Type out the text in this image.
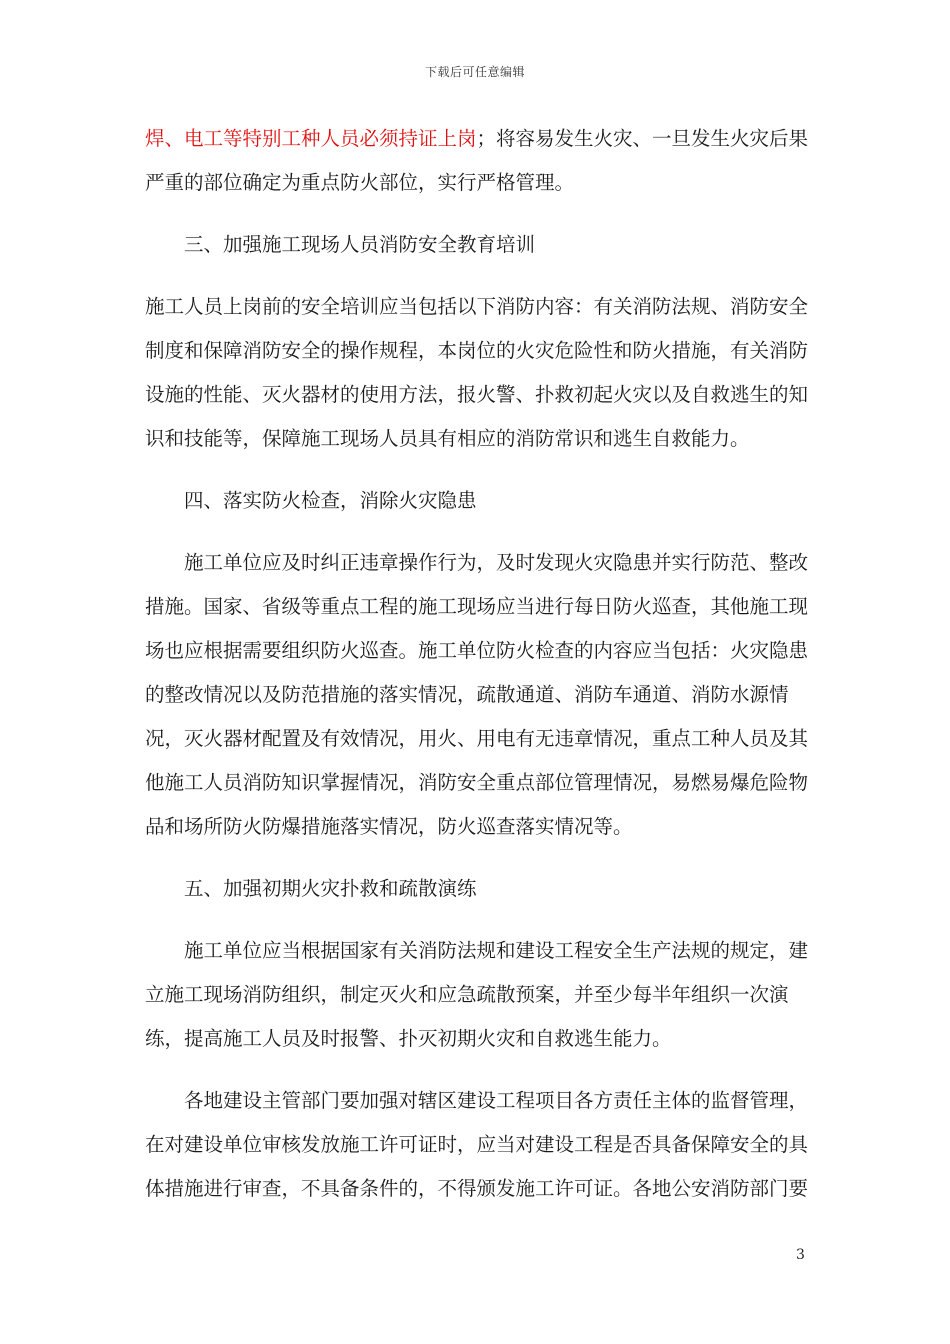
下载后可任意编辑

焊、电工等特别工种人员必须持证上岗；将容易发生火灾、一旦发生火灾后果严重的部位确定为重点防火部位，实行严格管理。

三、加强施工现场人员消防安全教育培训

施工人员上岗前的安全培训应当包括以下消防内容：有关消防法规、消防安全制度和保障消防安全的操作规程，本岗位的火灾危险性和防火措施，有关消防设施的性能、灭火器材的使用方法，报火警、扑救初起火灾以及自救逃生的知识和技能等，保障施工现场人员具有相应的消防常识和逃生自救能力。

四、落实防火检查，消除火灾隐患

施工单位应及时纠正违章操作行为，及时发现火灾隐患并实行防范、整改措施。国家、省级等重点工程的施工现场应当进行每日防火巡查，其他施工现场也应根据需要组织防火巡查。施工单位防火检查的内容应当包括：火灾隐患的整改情况以及防范措施的落实情况，疏散通道、消防车通道、消防水源情况，灭火器材配置及有效情况，用火、用电有无违章情况，重点工种人员及其他施工人员消防知识掌握情况，消防安全重点部位管理情况，易燃易爆危险物品和场所防火防爆措施落实情况，防火巡查落实情况等。

五、加强初期火灾扑救和疏散演练

施工单位应当根据国家有关消防法规和建设工程安全生产法规的规定，建立施工现场消防组织，制定灭火和应急疏散预案，并至少每半年组织一次演练，提高施工人员及时报警、扑灭初期火灾和自救逃生能力。

各地建设主管部门要加强对辖区建设工程项目各方责任主体的监督管理，在对建设单位审核发放施工许可证时，应当对建设工程是否具备保障安全的具体措施进行审查，不具备条件的，不得颁发施工许可证。各地公安消防部门要

3
